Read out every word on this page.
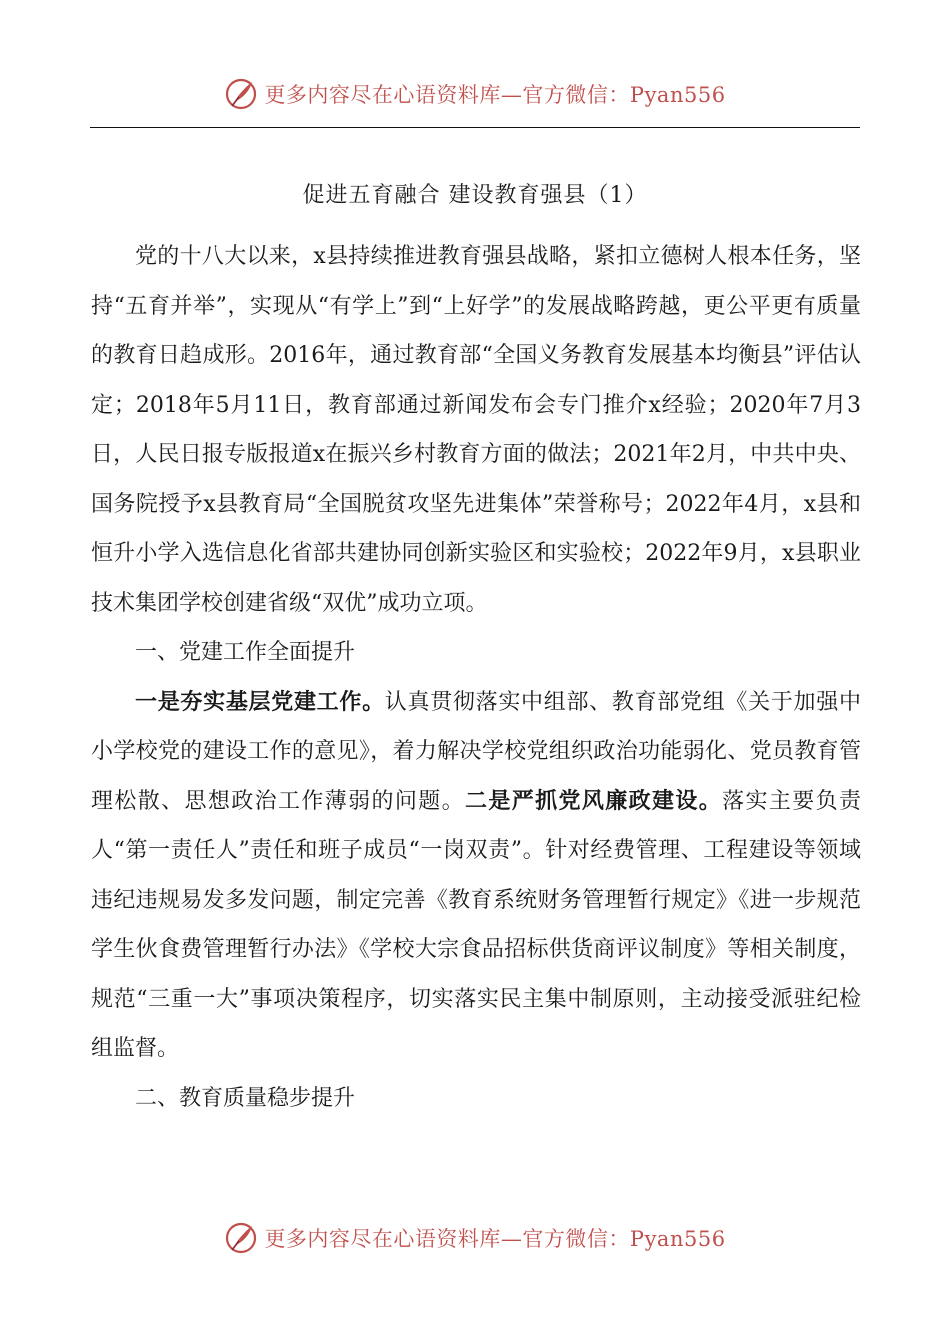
更多内容尽在心语资料库—官方微信：Pyan556
促进五育融合 建设教育强县（1）

党的十八大以来，x县持续推进教育强县战略，紧扣立德树人根本任务，坚持“五育并举”，实现从“有学上”到“上好学”的发展战略跨越，更公平更有质量的教育日趋成形。2016年，通过教育部“全国义务教育发展基本均衡县”评估认定；2018年5月11日，教育部通过新闻发布会专门推介x经验；2020年7月3日，人民日报专版报道x在振兴乡村教育方面的做法；2021年2月，中共中央、国务院授予x县教育局“全国脱贫攻坚先进集体”荣誉称号；2022年4月，x县和恒升小学入选信息化省部共建协同创新实验区和实验校；2022年9月，x县职业技术集团学校创建省级“双优”成功立项。

一、党建工作全面提升

一是夯实基层党建工作。认真贯彻落实中组部、教育部党组《关于加强中小学校党的建设工作的意见》，着力解决学校党组织政治功能弱化、党员教育管理松散、思想政治工作薄弱的问题。二是严抓党风廉政建设。落实主要负责人“第一责任人”责任和班子成员“一岗双责”。针对经费管理、工程建设等领域违纪违规易发多发问题，制定完善《教育系统财务管理暂行规定》《进一步规范学生伙食费管理暂行办法》《学校大宗食品招标供货商评议制度》等相关制度，规范“三重一大”事项决策程序，切实落实民主集中制原则，主动接受派驻纪检组监督。

二、教育质量稳步提升

更多内容尽在心语资料库—官方微信：Pyan556
